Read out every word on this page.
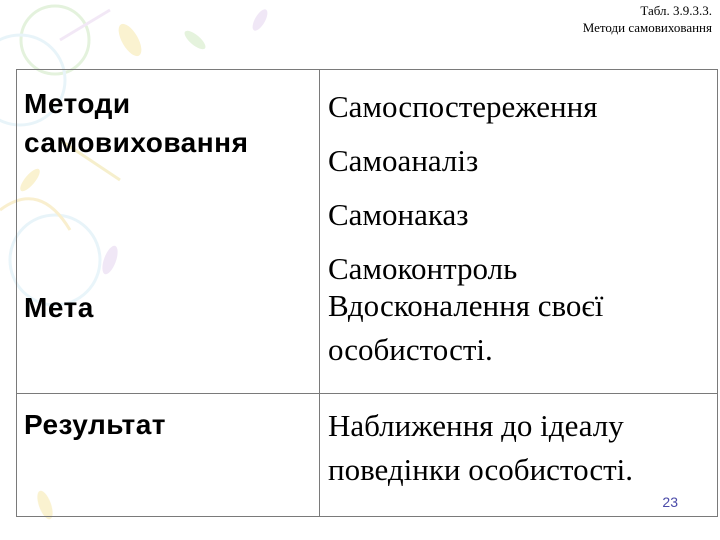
Табл. 3.9.3.3.
Методи самовиховання
Методи
самовиховання
Самоспостереження
Самоаналіз
Самонаказ
Самоконтроль
Мета	Вдосконалення своєї
особистості.
Результат	Наближення до ідеалу
поведінки особистості.
23
